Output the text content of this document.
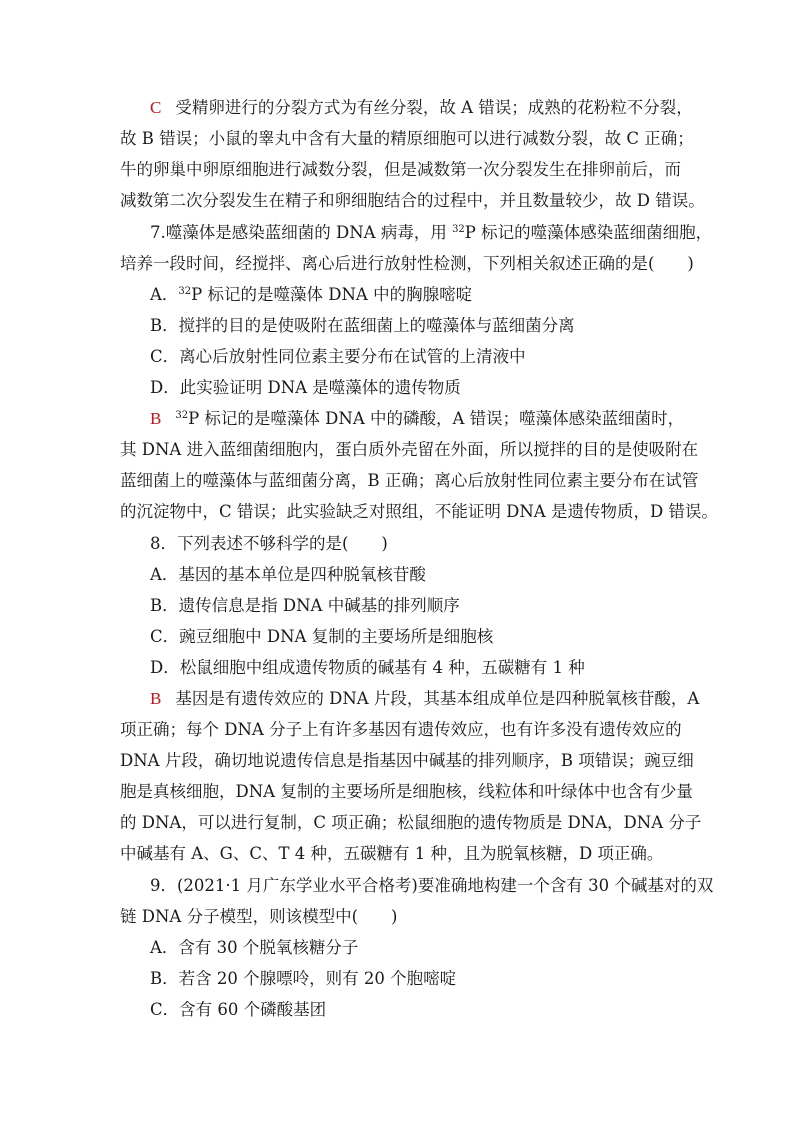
C 受精卵进行的分裂方式为有丝分裂，故 A 错误；成熟的花粉粒不分裂，
故 B 错误；小鼠的睾丸中含有大量的精原细胞可以进行减数分裂，故 C 正确；
牛的卵巢中卵原细胞进行减数分裂，但是减数第一次分裂发生在排卵前后，而
减数第二次分裂发生在精子和卵细胞结合的过程中，并且数量较少，故 D 错误。
7.噬藻体是感染蓝细菌的 DNA 病毒，用 $^{32}$P 标记的噬藻体感染蓝细菌细胞，
培养一段时间，经搅拌、离心后进行放射性检测，下列相关叙述正确的是(　　)
A．$^{32}$P 标记的是噬藻体 DNA 中的胸腺嘧啶
B．搅拌的目的是使吸附在蓝细菌上的噬藻体与蓝细菌分离
C．离心后放射性同位素主要分布在试管的上清液中
D．此实验证明 DNA 是噬藻体的遗传物质
B $^{32}$P 标记的是噬藻体 DNA 中的磷酸，A 错误；噬藻体感染蓝细菌时，
其 DNA 进入蓝细菌细胞内，蛋白质外壳留在外面，所以搅拌的目的是使吸附在
蓝细菌上的噬藻体与蓝细菌分离，B 正确；离心后放射性同位素主要分布在试管
的沉淀物中，C 错误；此实验缺乏对照组，不能证明 DNA 是遗传物质，D 错误。
8．下列表述不够科学的是(　　)
A．基因的基本单位是四种脱氧核苷酸
B．遗传信息是指 DNA 中碱基的排列顺序
C．豌豆细胞中 DNA 复制的主要场所是细胞核
D．松鼠细胞中组成遗传物质的碱基有 4 种，五碳糖有 1 种
B 基因是有遗传效应的 DNA 片段，其基本组成单位是四种脱氧核苷酸，A
项正确；每个 DNA 分子上有许多基因有遗传效应，也有许多没有遗传效应的
DNA 片段，确切地说遗传信息是指基因中碱基的排列顺序，B 项错误；豌豆细
胞是真核细胞，DNA 复制的主要场所是细胞核，线粒体和叶绿体中也含有少量
的 DNA，可以进行复制，C 项正确；松鼠细胞的遗传物质是 DNA，DNA 分子
中碱基有 A、G、C、T 4 种，五碳糖有 1 种，且为脱氧核糖，D 项正确。
9．(2021·1 月广东学业水平合格考)要准确地构建一个含有 30 个碱基对的双
链 DNA 分子模型，则该模型中(　　)
A．含有 30 个脱氧核糖分子
B．若含 20 个腺嘌呤，则有 20 个胞嘧啶
C．含有 60 个磷酸基团
